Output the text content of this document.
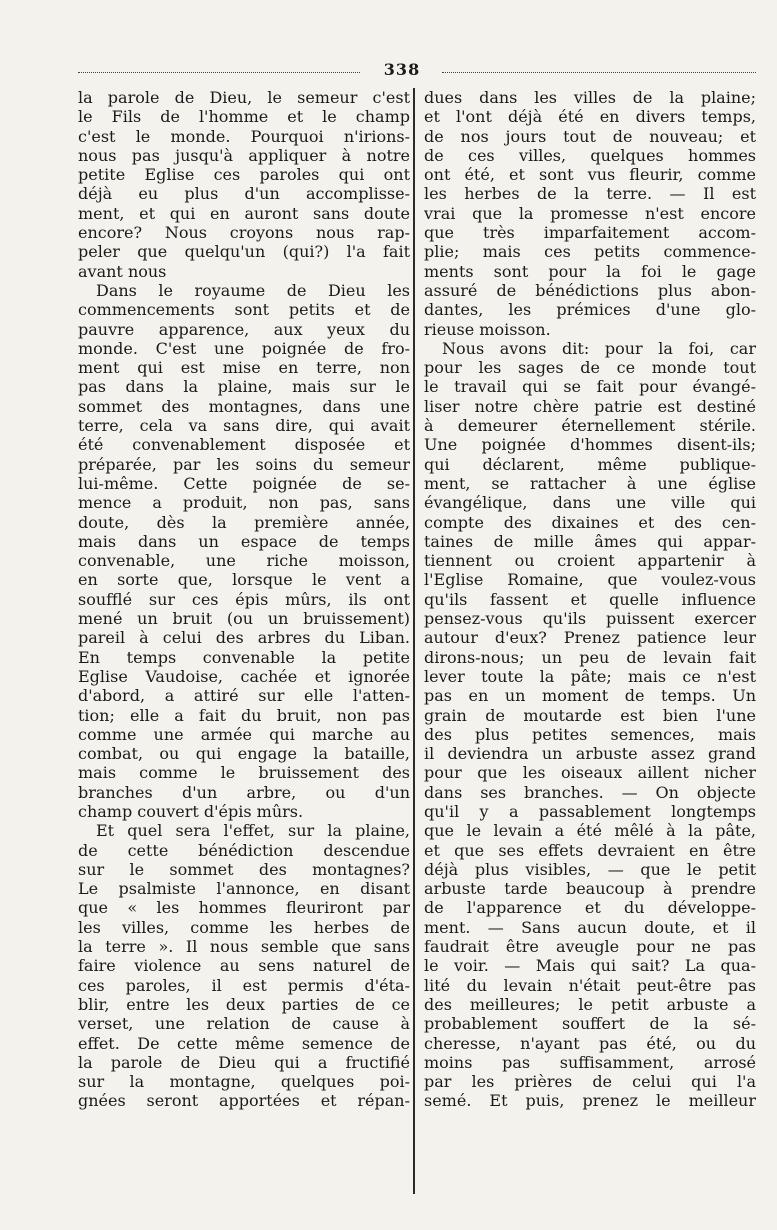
338
la parole de Dieu, le semeur c'est
le Fils de l'homme et le champ
c'est le monde. Pourquoi n'irions-
nous pas jusqu'à appliquer à notre
petite Eglise ces paroles qui ont
déjà eu plus d'un accomplisse-
ment, et qui en auront sans doute
encore? Nous croyons nous rap-
peler que quelqu'un (qui?) l'a fait
avant nous
Dans le royaume de Dieu les
commencements sont petits et de
pauvre apparence, aux yeux du
monde. C'est une poignée de fro-
ment qui est mise en terre, non
pas dans la plaine, mais sur le
sommet des montagnes, dans une
terre, cela va sans dire, qui avait
été convenablement disposée et
préparée, par les soins du semeur
lui-même. Cette poignée de se-
mence a produit, non pas, sans
doute, dès la première année,
mais dans un espace de temps
convenable, une riche moisson,
en sorte que, lorsque le vent a
soufflé sur ces épis mûrs, ils ont
mené un bruit (ou un bruissement)
pareil à celui des arbres du Liban.
En temps convenable la petite
Eglise Vaudoise, cachée et ignorée
d'abord, a attiré sur elle l'atten-
tion; elle a fait du bruit, non pas
comme une armée qui marche au
combat, ou qui engage la bataille,
mais comme le bruissement des
branches d'un arbre, ou d'un
champ couvert d'épis mûrs.
Et quel sera l'effet, sur la plaine,
de cette bénédiction descendue
sur le sommet des montagnes?
Le psalmiste l'annonce, en disant
que « les hommes fleuriront par
les villes, comme les herbes de
la terre ». Il nous semble que sans
faire violence au sens naturel de
ces paroles, il est permis d'éta-
blir, entre les deux parties de ce
verset, une relation de cause à
effet. De cette même semence de
la parole de Dieu qui a fructifié
sur la montagne, quelques poi-
gnées seront apportées et répan-
dues dans les villes de la plaine;
et l'ont déjà été en divers temps,
de nos jours tout de nouveau; et
de ces villes, quelques hommes
ont été, et sont vus fleurir, comme
les herbes de la terre. — Il est
vrai que la promesse n'est encore
que très imparfaitement accom-
plie; mais ces petits commence-
ments sont pour la foi le gage
assuré de bénédictions plus abon-
dantes, les prémices d'une glo-
rieuse moisson.
Nous avons dit: pour la foi, car
pour les sages de ce monde tout
le travail qui se fait pour évangé-
liser notre chère patrie est destiné
à demeurer éternellement stérile.
Une poignée d'hommes disent-ils;
qui déclarent, même publique-
ment, se rattacher à une église
évangélique, dans une ville qui
compte des dixaines et des cen-
taines de mille âmes qui appar-
tiennent ou croient appartenir à
l'Eglise Romaine, que voulez-vous
qu'ils fassent et quelle influence
pensez-vous qu'ils puissent exercer
autour d'eux? Prenez patience leur
dirons-nous; un peu de levain fait
lever toute la pâte; mais ce n'est
pas en un moment de temps. Un
grain de moutarde est bien l'une
des plus petites semences, mais
il deviendra un arbuste assez grand
pour que les oiseaux aillent nicher
dans ses branches. — On objecte
qu'il y a passablement longtemps
que le levain a été mêlé à la pâte,
et que ses effets devraient en être
déjà plus visibles, — que le petit
arbuste tarde beaucoup à prendre
de l'apparence et du développe-
ment. — Sans aucun doute, et il
faudrait être aveugle pour ne pas
le voir. — Mais qui sait? La qua-
lité du levain n'était peut-être pas
des meilleures; le petit arbuste a
probablement souffert de la sé-
cheresse, n'ayant pas été, ou du
moins pas suffisamment, arrosé
par les prières de celui qui l'a
semé. Et puis, prenez le meilleur
